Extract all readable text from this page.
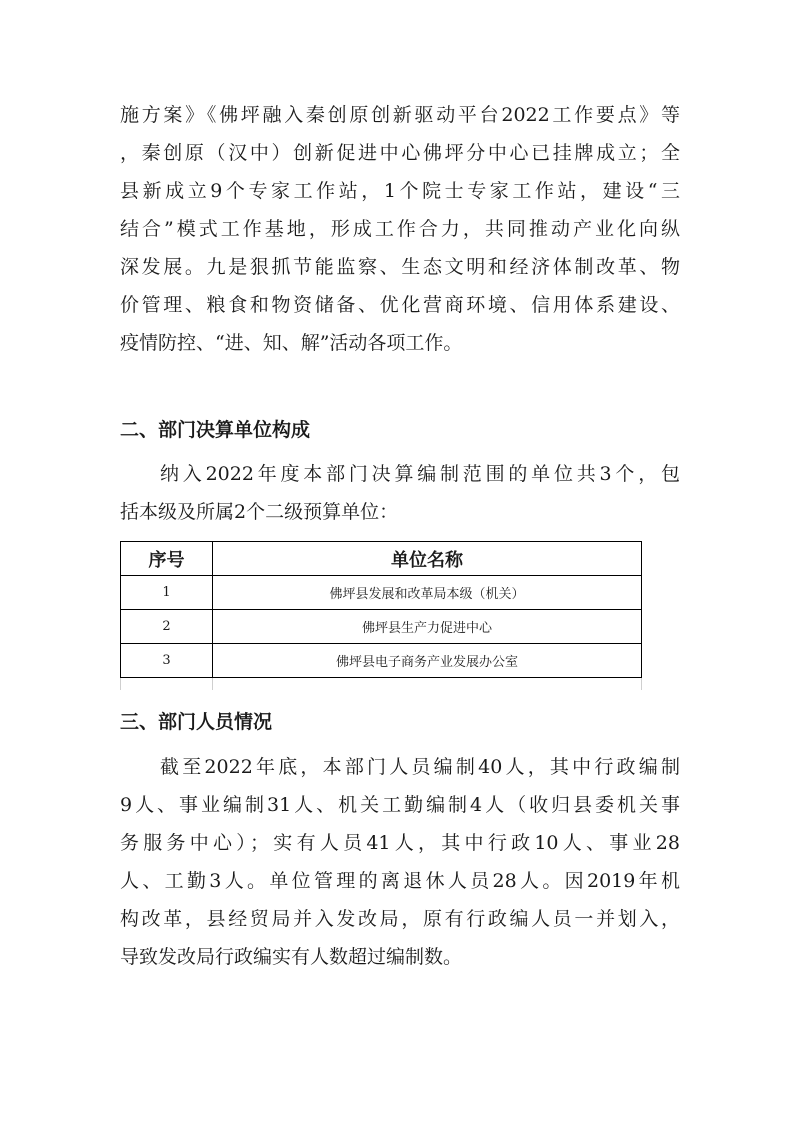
施方案》《佛坪融入秦创原创新驱动平台2022工作要点》等
，秦创原（汉中）创新促进中心佛坪分中心已挂牌成立；全
县新成立9个专家工作站，1个院士专家工作站，建设“三
结合”模式工作基地，形成工作合力，共同推动产业化向纵
深发展。九是狠抓节能监察、生态文明和经济体制改革、物
价管理、粮食和物资储备、优化营商环境、信用体系建设、
疫情防控、“进、知、解”活动各项工作。
二、部门决算单位构成
纳入2022年度本部门决算编制范围的单位共3个，包
括本级及所属2个二级预算单位：
序号	单位名称
1	佛坪县发展和改革局本级（机关）
2	佛坪县生产力促进中心
3	佛坪县电子商务产业发展办公室

三、部门人员情况
截至2022年底，本部门人员编制40人，其中行政编制
9人、事业编制31人、机关工勤编制4人（收归县委机关事
务服务中心）；实有人员41人，其中行政10人、事业28
人、工勤3人。单位管理的离退休人员28人。因2019年机
构改革，县经贸局并入发改局，原有行政编人员一并划入，
导致发改局行政编实有人数超过编制数。
